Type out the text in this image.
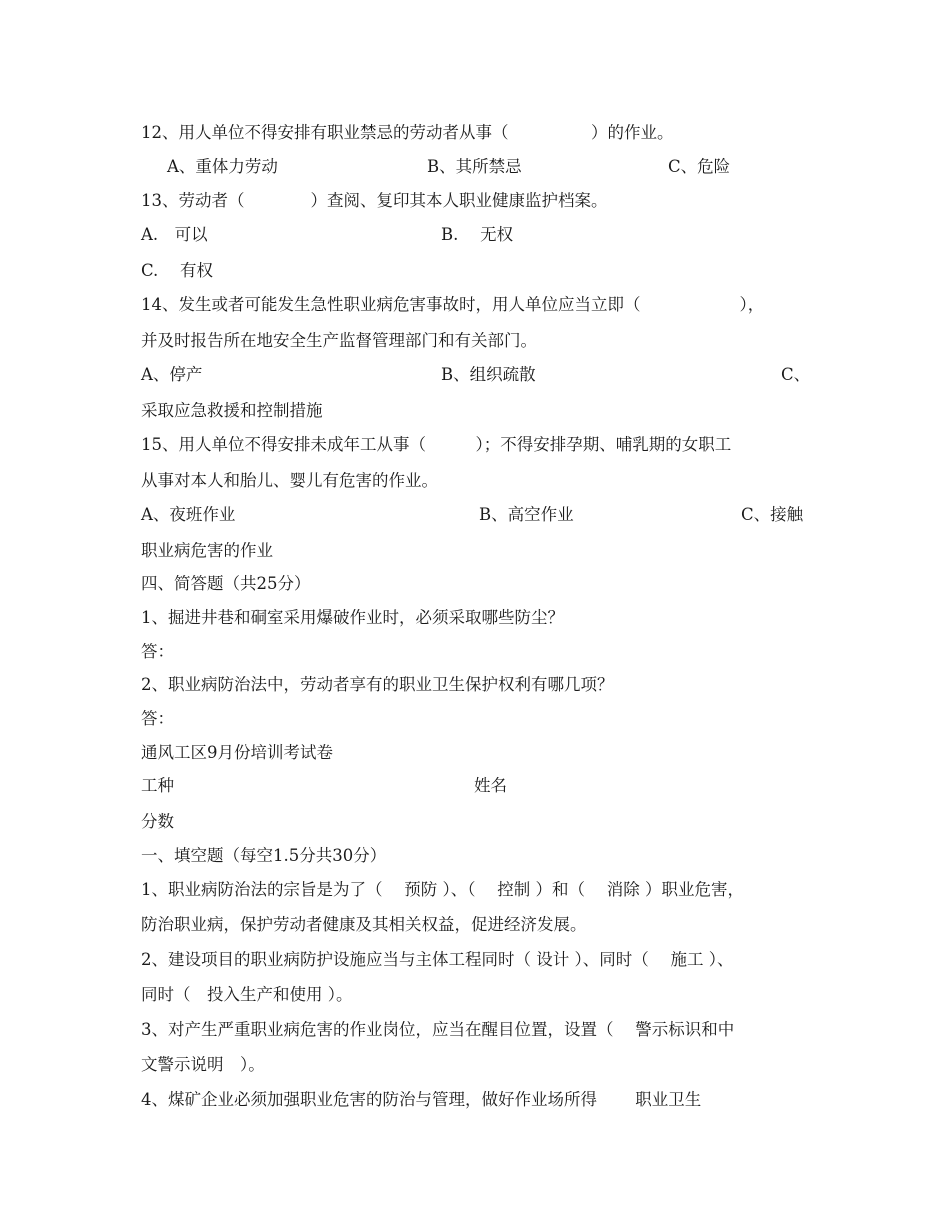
12、用人单位不得安排有职业禁忌的劳动者从事（　　　　　）的作业。
A、重体力劳动	B、其所禁忌	C、危险
13、劳动者（　　　　）查阅、复印其本人职业健康监护档案。
A.　可以	B.　 无权
C.　 有权
14、发生或者可能发生急性职业病危害事故时，用人单位应当立即（　　　　　　），
并及时报告所在地安全生产监督管理部门和有关部门。
A、停产	B、组织疏散	C、
采取应急救援和控制措施
15、用人单位不得安排未成年工从事（　　　）；不得安排孕期、哺乳期的女职工
从事对本人和胎儿、婴儿有危害的作业。
A、夜班作业	B、高空作业	C、接触
职业病危害的作业
四、简答题（共25分）
1、掘进井巷和硐室采用爆破作业时，必须采取哪些防尘？
答：
2、职业病防治法中，劳动者享有的职业卫生保护权利有哪几项？
答：
通风工区9月份培训考试卷
工种	姓名
分数
一、填空题（每空1.5分共30分）
1、职业病防治法的宗旨是为了（　 预防 ）、（　 控制 ）和（　 消除 ）职业危害，
防治职业病，保护劳动者健康及其相关权益，促进经济发展。
2、建设项目的职业病防护设施应当与主体工程同时（ 设计 ）、同时（　 施工 ）、
同时（　投入生产和使用 ）。
3、对产生严重职业病危害的作业岗位，应当在醒目位置，设置（　 警示标识和中
文警示说明　）。
4、煤矿企业必须加强职业危害的防治与管理，做好作业场所得　　 职业卫生
